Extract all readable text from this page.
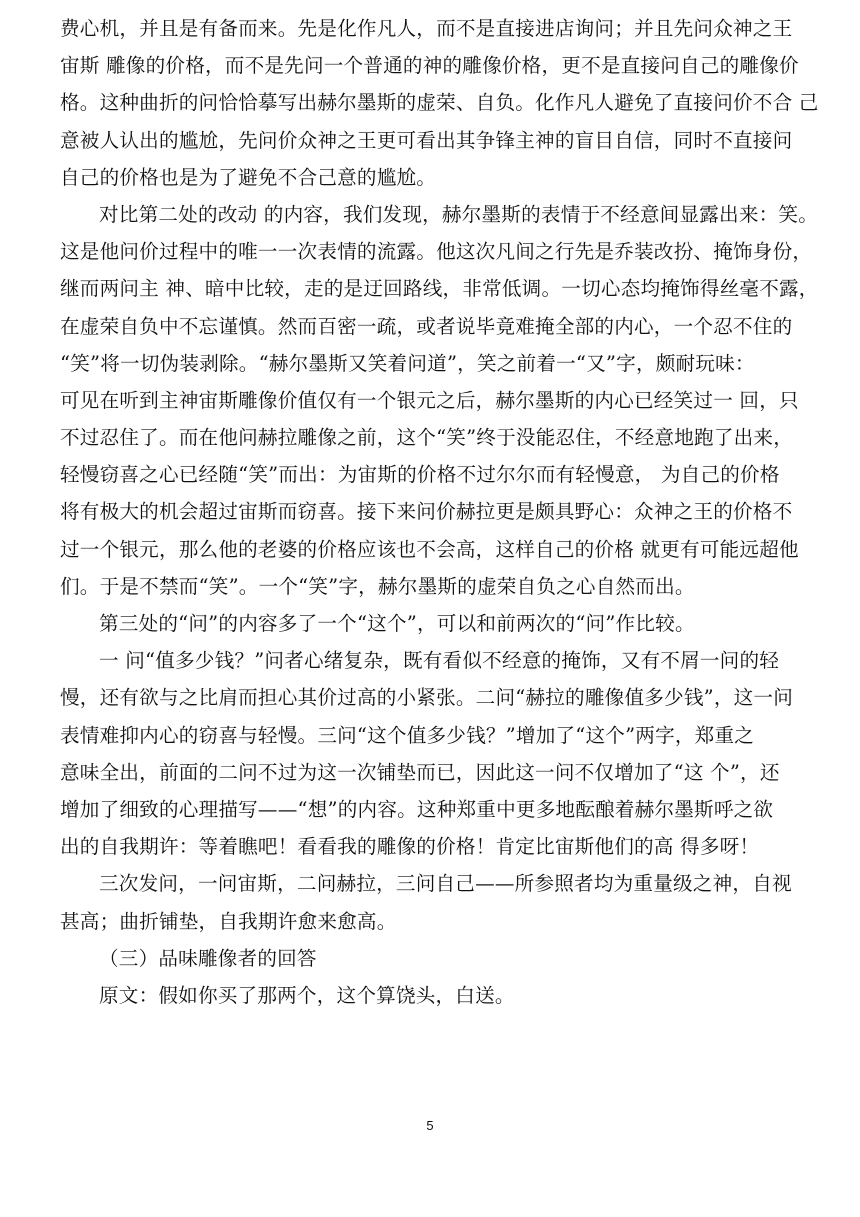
费心机，并且是有备而来。先是化作凡人，而不是直接进店询问；并且先问众神之王
宙斯 雕像的价格，而不是先问一个普通的神的雕像价格，更不是直接问自己的雕像价
格。这种曲折的问恰恰摹写出赫尔墨斯的虚荣、自负。化作凡人避免了直接问价不合 己
意被人认出的尴尬，先问价众神之王更可看出其争锋主神的盲目自信，同时不直接问
自己的价格也是为了避免不合己意的尴尬。
对比第二处的改动 的内容，我们发现，赫尔墨斯的表情于不经意间显露出来：笑。
这是他问价过程中的唯一一次表情的流露。他这次凡间之行先是乔装改扮、掩饰身份，
继而两问主 神、暗中比较，走的是迂回路线，非常低调。一切心态均掩饰得丝毫不露，
在虚荣自负中不忘谨慎。然而百密一疏，或者说毕竟难掩全部的内心，一个忍不住的
“笑”将一切伪装剥除。“赫尔墨斯又笑着问道”，笑之前着一“又”字，颇耐玩味：
可见在听到主神宙斯雕像价值仅有一个银元之后，赫尔墨斯的内心已经笑过一 回，只
不过忍住了。而在他问赫拉雕像之前，这个“笑”终于没能忍住，不经意地跑了出来，
轻慢窃喜之心已经随“笑”而出：为宙斯的价格不过尔尔而有轻慢意， 为自己的价格
将有极大的机会超过宙斯而窃喜。接下来问价赫拉更是颇具野心：众神之王的价格不
过一个银元，那么他的老婆的价格应该也不会高，这样自己的价格 就更有可能远超他
们。于是不禁而“笑”。一个“笑”字，赫尔墨斯的虚荣自负之心自然而出。
第三处的“问”的内容多了一个“这个”，可以和前两次的“问”作比较。
一 问“值多少钱？”问者心绪复杂，既有看似不经意的掩饰，又有不屑一问的轻
慢，还有欲与之比肩而担心其价过高的小紧张。二问“赫拉的雕像值多少钱”，这一问
表情难抑内心的窃喜与轻慢。三问“这个值多少钱？”增加了“这个”两字，郑重之
意味全出，前面的二问不过为这一次铺垫而已，因此这一问不仅增加了“这 个”，还
增加了细致的心理描写——“想”的内容。这种郑重中更多地酝酿着赫尔墨斯呼之欲
出的自我期许：等着瞧吧！看看我的雕像的价格！肯定比宙斯他们的高 得多呀！
三次发问，一问宙斯，二问赫拉，三问自己——所参照者均为重量级之神，自视
甚高；曲折铺垫，自我期许愈来愈高。
（三）品味雕像者的回答
原文：假如你买了那两个，这个算饶头，白送。
5
